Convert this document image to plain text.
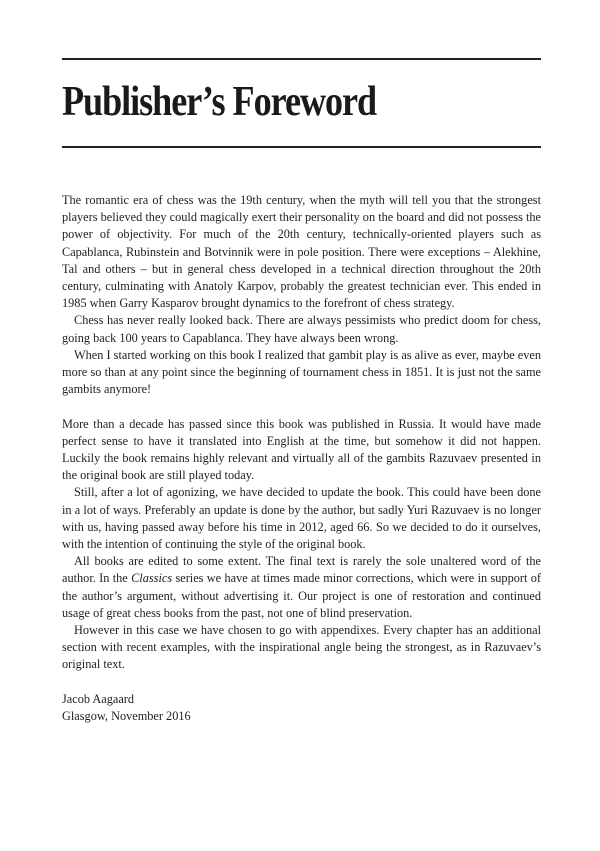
Publisher’s Foreword

The romantic era of chess was the 19th century, when the myth will tell you that the strongest players believed they could magically exert their personality on the board and did not possess the power of objectivity. For much of the 20th century, technically-oriented players such as Capablanca, Rubinstein and Botvinnik were in pole position. There were exceptions – Alekhine, Tal and others – but in general chess developed in a technical direction throughout the 20th century, culminating with Anatoly Karpov, probably the greatest technician ever. This ended in 1985 when Garry Kasparov brought dynamics to the forefront of chess strategy.

Chess has never really looked back. There are always pessimists who predict doom for chess, going back 100 years to Capablanca. They have always been wrong.

When I started working on this book I realized that gambit play is as alive as ever, maybe even more so than at any point since the beginning of tournament chess in 1851. It is just not the same gambits anymore!

More than a decade has passed since this book was published in Russia. It would have made perfect sense to have it translated into English at the time, but somehow it did not happen. Luckily the book remains highly relevant and virtually all of the gambits Razuvaev presented in the original book are still played today.

Still, after a lot of agonizing, we have decided to update the book. This could have been done in a lot of ways. Preferably an update is done by the author, but sadly Yuri Razuvaev is no longer with us, having passed away before his time in 2012, aged 66. So we decided to do it ourselves, with the intention of continuing the style of the original book.

All books are edited to some extent. The final text is rarely the sole unaltered word of the author. In the Classics series we have at times made minor corrections, which were in support of the author’s argument, without advertising it. Our project is one of restoration and continued usage of great chess books from the past, not one of blind preservation.

However in this case we have chosen to go with appendixes. Every chapter has an additional section with recent examples, with the inspirational angle being the strongest, as in Razuvaev’s original text.

Jacob Aagaard

Glasgow, November 2016
